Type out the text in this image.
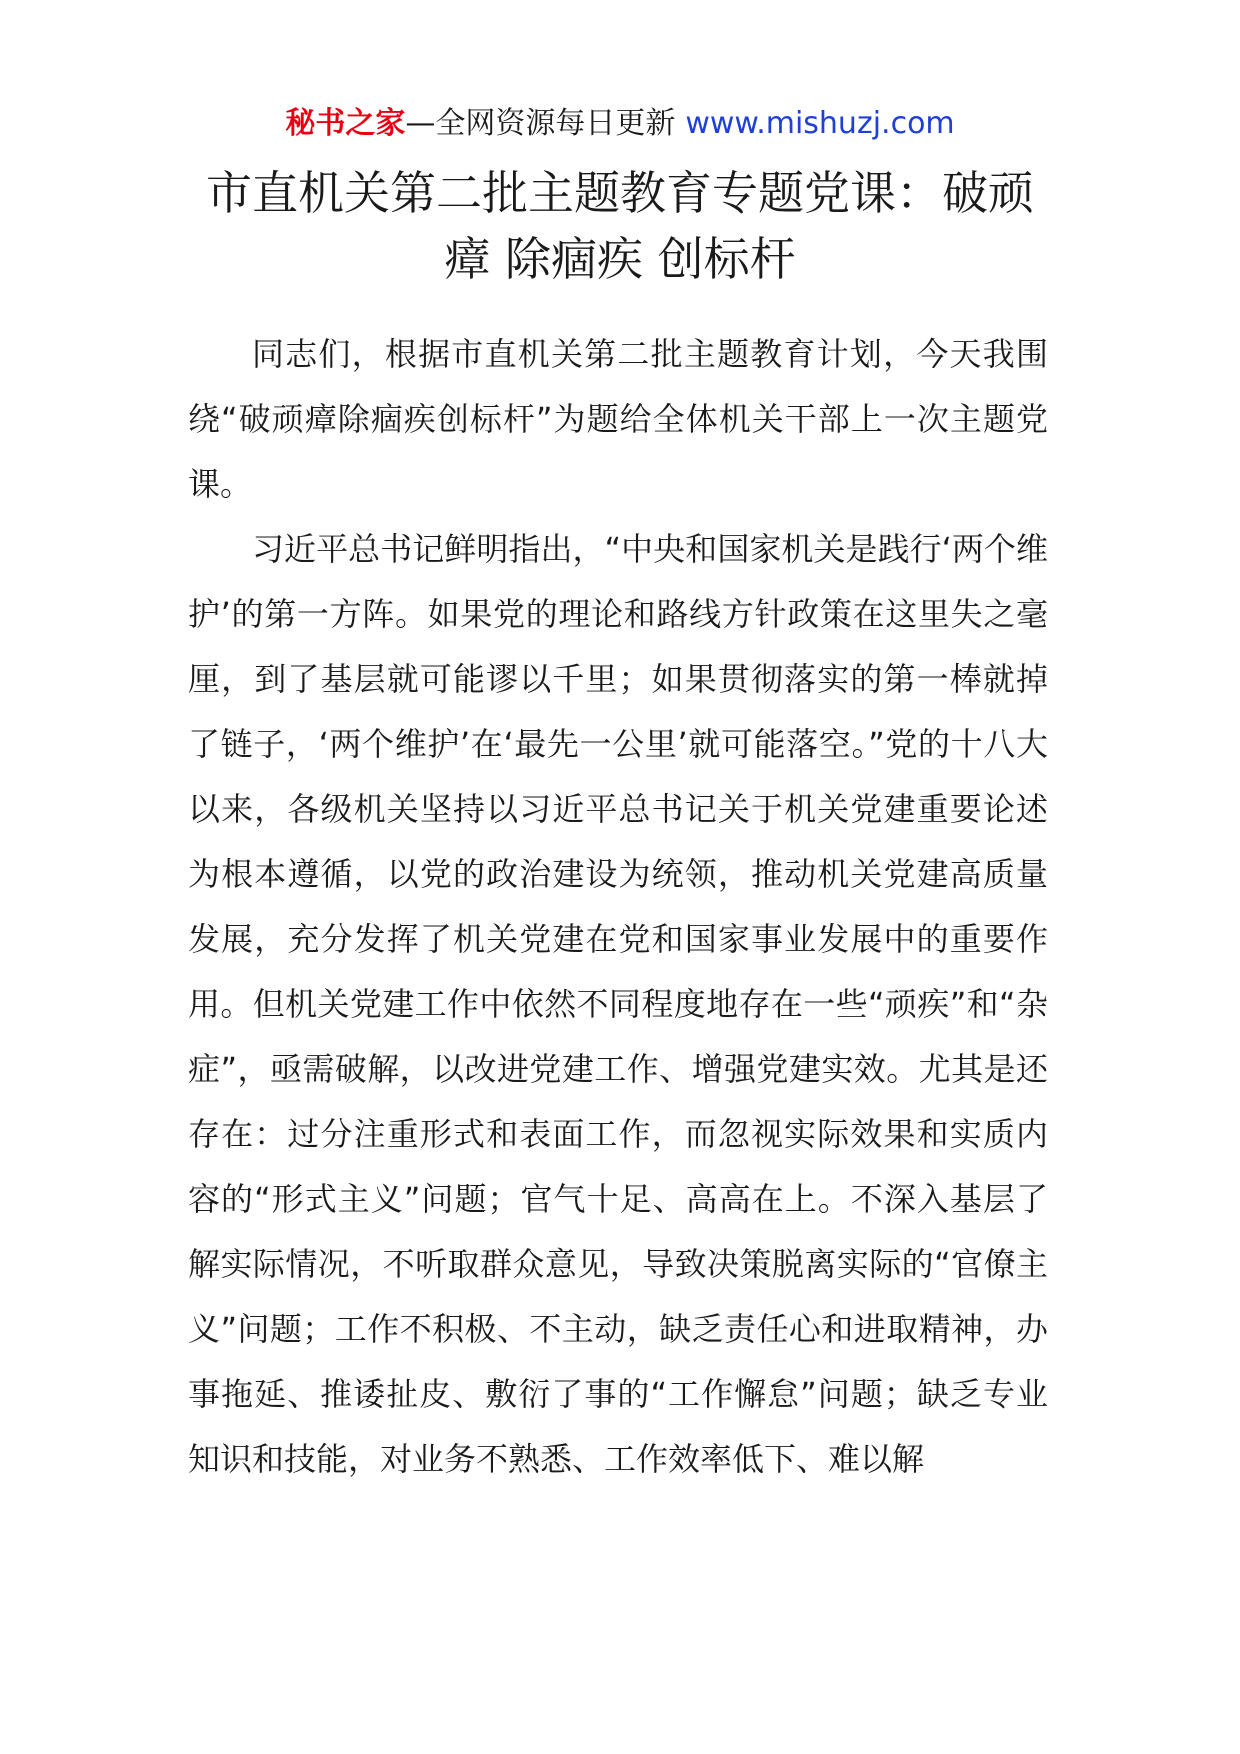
秘书之家—全网资源每日更新 www.mishuzj.com
市直机关第二批主题教育专题党课：破顽
瘴 除痼疾 创标杆

同志们，根据市直机关第二批主题教育计划，今天我围绕“破顽瘴除痼疾创标杆”为题给全体机关干部上一次主题党课。

习近平总书记鲜明指出，“中央和国家机关是践行‘两个维护’的第一方阵。如果党的理论和路线方针政策在这里失之毫厘，到了基层就可能谬以千里；如果贯彻落实的第一棒就掉了链子，‘两个维护’在‘最先一公里’就可能落空。”党的十八大以来，各级机关坚持以习近平总书记关于机关党建重要论述为根本遵循，以党的政治建设为统领，推动机关党建高质量发展，充分发挥了机关党建在党和国家事业发展中的重要作用。但机关党建工作中依然不同程度地存在一些“顽疾”和“杂症”，亟需破解，以改进党建工作、增强党建实效。尤其是还存在：过分注重形式和表面工作，而忽视实际效果和实质内容的“形式主义”问题；官气十足、高高在上。不深入基层了解实际情况，不听取群众意见，导致决策脱离实际的“官僚主义”问题；工作不积极、不主动，缺乏责任心和进取精神，办事拖延、推诿扯皮、敷衍了事的“工作懈怠”问题；缺乏专业知识和技能，对业务不熟悉、工作效率低下、难以解
